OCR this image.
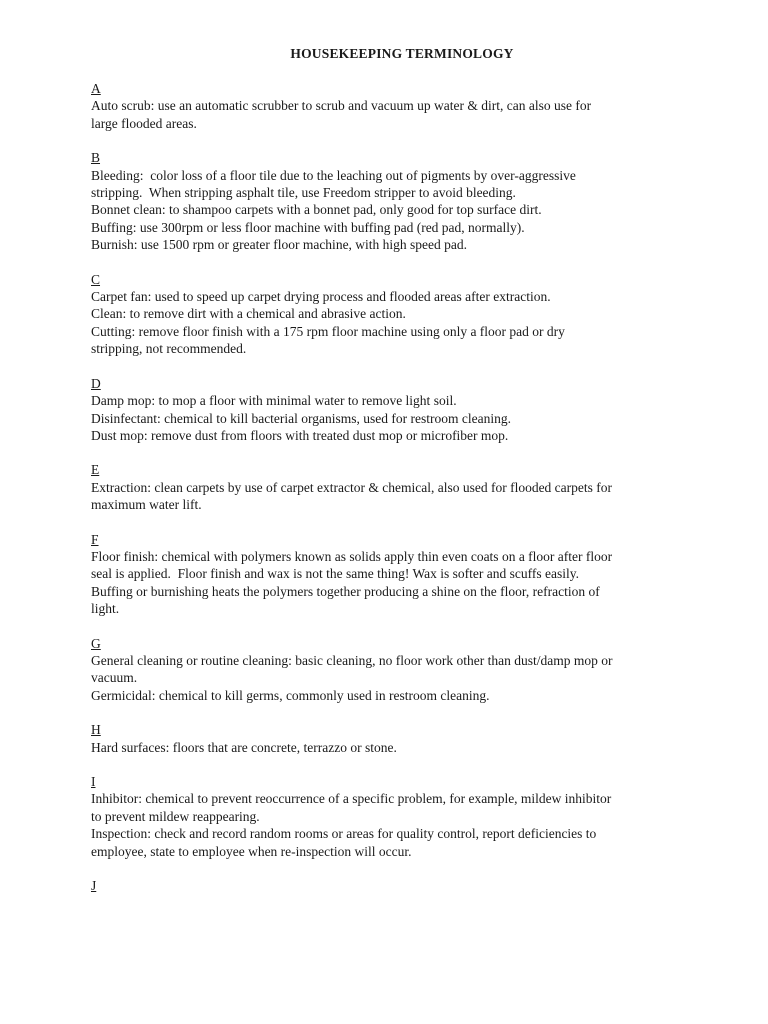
HOUSEKEEPING TERMINOLOGY
A
Auto scrub: use an automatic scrubber to scrub and vacuum up water & dirt, can also use for
large flooded areas.
B
Bleeding:  color loss of a floor tile due to the leaching out of pigments by over-aggressive
stripping.  When stripping asphalt tile, use Freedom stripper to avoid bleeding.
Bonnet clean: to shampoo carpets with a bonnet pad, only good for top surface dirt.
Buffing: use 300rpm or less floor machine with buffing pad (red pad, normally).
Burnish: use 1500 rpm or greater floor machine, with high speed pad.
C
Carpet fan: used to speed up carpet drying process and flooded areas after extraction.
Clean: to remove dirt with a chemical and abrasive action.
Cutting: remove floor finish with a 175 rpm floor machine using only a floor pad or dry
stripping, not recommended.
D
Damp mop: to mop a floor with minimal water to remove light soil.
Disinfectant: chemical to kill bacterial organisms, used for restroom cleaning.
Dust mop: remove dust from floors with treated dust mop or microfiber mop.
E
Extraction: clean carpets by use of carpet extractor & chemical, also used for flooded carpets for
maximum water lift.
F
Floor finish: chemical with polymers known as solids apply thin even coats on a floor after floor
seal is applied.  Floor finish and wax is not the same thing! Wax is softer and scuffs easily.
Buffing or burnishing heats the polymers together producing a shine on the floor, refraction of
light.
G
General cleaning or routine cleaning: basic cleaning, no floor work other than dust/damp mop or
vacuum.
Germicidal: chemical to kill germs, commonly used in restroom cleaning.
H
Hard surfaces: floors that are concrete, terrazzo or stone.
I
Inhibitor: chemical to prevent reoccurrence of a specific problem, for example, mildew inhibitor
to prevent mildew reappearing.
Inspection: check and record random rooms or areas for quality control, report deficiencies to
employee, state to employee when re-inspection will occur.
J
